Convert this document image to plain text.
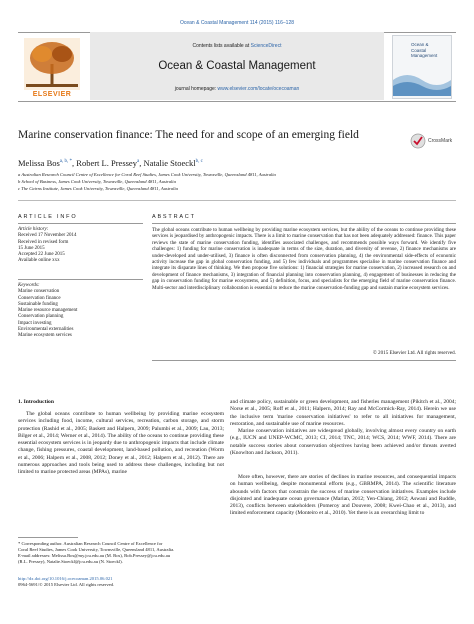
Ocean & Coastal Management 114 (2015) 116–128
ELSEVIER
Contents lists available at ScienceDirect
Ocean & Coastal Management
journal homepage: www.elsevier.com/locate/ocecoaman
Ocean &
Coastal
Management
Marine conservation finance: The need for and scope of an emerging field	CrossMark
Melissa Bos$^{a, b, *}$, Robert L. Pressey$^a$, Natalie Stoeckl$^{b, c}$
a Australian Research Council Centre of Excellence for Coral Reef Studies, James Cook University, Townsville, Queensland 4811, Australia
b School of Business, James Cook University, Townsville, Queensland 4811, Australia
c The Cairns Institute, James Cook University, Townsville, Queensland 4811, Australia
ARTICLE INFO	ABSTRACT
Article history:
Received 17 November 2014
Received in revised form
15 June 2015
Accepted 22 June 2015
Available online xxx
Keywords:
Marine conservation
Conservation finance
Sustainable funding
Marine resource management
Conservation planning
Impact investing
Environmental externalities
Marine ecosystem services
The global oceans contribute to human wellbeing by providing marine ecosystem services, but the ability of the oceans to continue providing these services is jeopardised by anthropogenic impacts. There is a limit to marine conservation that has not been adequately addressed: finance. This paper reviews the state of marine conservation funding, identifies associated challenges, and recommends possible ways forward. We identify five challenges: 1) funding for marine conservation is inadequate in terms of the size, duration, and diversity of revenue, 2) finance mechanisms are under-developed and under-utilised, 3) finance is often disconnected from conservation planning, 4) the environmental side-effects of economic activity increase the gap in global conservation funding, and 5) few individuals and programmes specialise in marine conservation finance and integrate its disparate lines of thinking. We then propose five solutions: 1) financial strategies for marine conservation, 2) increased research on and development of finance mechanisms, 3) integration of financial planning into conservation planning, 4) engagement of businesses in reducing the gap in conservation funding for marine ecosystems, and 5) definition, focus, and specialists for the emerging field of marine conservation finance. Multi-sector and interdisciplinary collaboration is essential to reduce the marine conservation-funding gap and sustain marine ecosystem services.
© 2015 Elsevier Ltd. All rights reserved.
1. Introduction

The global oceans contribute to human wellbeing by providing marine ecosystem services including food, income, cultural services, recreation, carbon storage, and storm protection (Rashid et al., 2005; Baskett and Halpern, 2009; Palumbi et al., 2009; Lau, 2013; Bilger et al., 2014; Werner et al., 2014). The ability of the oceans to continue providing these essential ecosystem services is in jeopardy due to anthropogenic impacts that include climate change, fishing pressures, coastal development, land-based pollution, and recreation (Worm et al., 2006; Halpern et al., 2008, 2012; Doney et al., 2012; Halpern et al., 2012). There are numerous approaches and tools being used to address these challenges, including but not limited to marine protected areas (MPAs), marine

and climate policy, sustainable or green development, and fisheries management (Pikitch et al., 2004; Norse et al., 2005; Roff et al., 2011; Halpern, 2014; Ray and McCormick-Ray, 2014). Herein we use the inclusive term 'marine conservation initiatives' to refer to all initiatives for management, restoration, and sustainable use of marine resources.

Marine conservation initiatives are widespread globally, involving almost every country on earth (e.g., IUCN and UNEP-WCMC, 2013; CI, 2014; TNC, 2014; WCS, 2014; WWF, 2014). There are notable success stories about conservation objectives having been achieved and/or threats averted (Knowlton and Jackson, 2011).

More often, however, there are stories of declines in marine resources, and consequential impacts on human wellbeing, despite monumental efforts (e.g., GBRMPA, 2014). The scientific literature abounds with factors that constrain the success of marine conservation initiatives. Examples include disjointed and inadequate ocean governance (Marian, 2012; Yen-Chiang, 2012; Aswani and Ruddle, 2013), conflicts between stakeholders (Pomeroy and Douvere, 2008; Kwei-Chao et al., 2013), and limited enforcement capacity (Monteiro et al., 2010). Yet there is an overarching limit to

* Corresponding author. Australian Research Council Centre of Excellence for
Coral Reef Studies, James Cook University, Townsville, Queensland 4811, Australia.
E-mail addresses: Melissa.Bos@my.jcu.edu.au (M. Bos), Bob.Pressey@jcu.edu.au
(R.L. Pressey), Natalie.Stoeckl@jcu.edu.au (N. Stoeckl).
http://dx.doi.org/10.1016/j.ocecoaman.2015.06.021
0964-5691/© 2015 Elsevier Ltd. All rights reserved.
